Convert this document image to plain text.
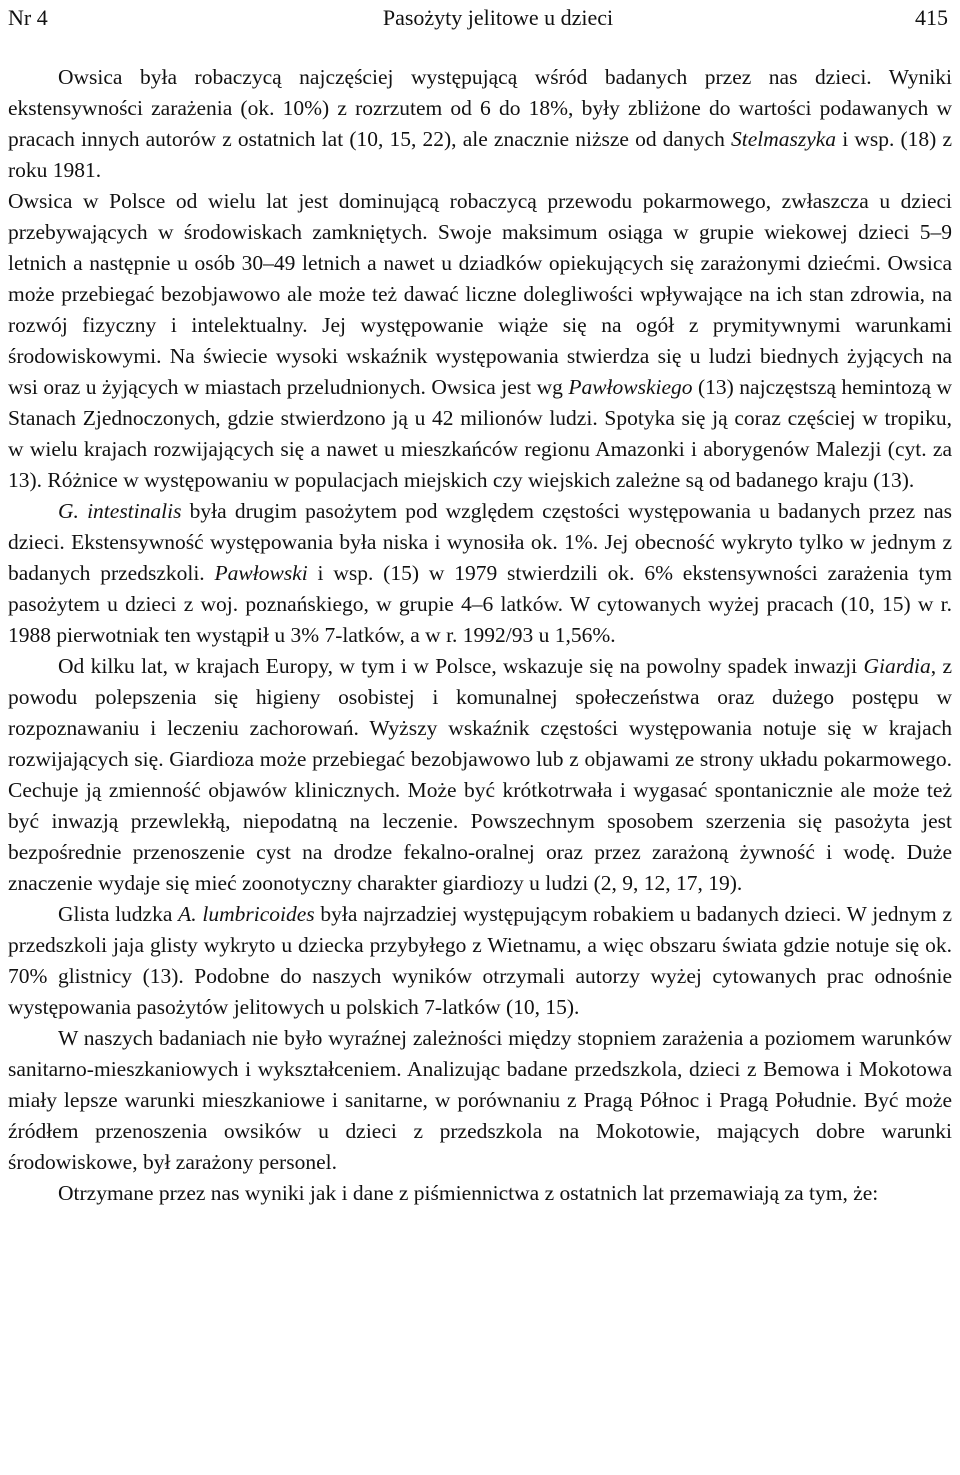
Nr 4	Pasożyty jelitowe u dzieci	415

Owsica była robaczycą najczęściej występującą wśród badanych przez nas dzieci. Wyniki ekstensywności zarażenia (ok. 10%) z rozrzutem od 6 do 18%, były zbliżone do wartości podawanych w pracach innych autorów z ostatnich lat (10, 15, 22), ale znacznie niższe od danych Stelmaszyka i wsp. (18) z roku 1981.

Owsica w Polsce od wielu lat jest dominującą robaczycą przewodu pokarmowego, zwłaszcza u dzieci przebywających w środowiskach zamkniętych. Swoje maksimum osiąga w grupie wiekowej dzieci 5–9 letnich a następnie u osób 30–49 letnich a nawet u dziadków opiekujących się zarażonymi dziećmi. Owsica może przebiegać bezobjawowo ale może też dawać liczne dolegliwości wpływające na ich stan zdrowia, na rozwój fizyczny i intelektualny. Jej występowanie wiąże się na ogół z prymitywnymi warunkami środowiskowymi. Na świecie wysoki wskaźnik występowania stwierdza się u ludzi biednych żyjących na wsi oraz u żyjących w miastach przeludnionych. Owsica jest wg Pawłowskiego (13) najczęstszą hemintozą w Stanach Zjednoczonych, gdzie stwierdzono ją u 42 milionów ludzi. Spotyka się ją coraz częściej w tropiku, w wielu krajach rozwijających się a nawet u mieszkańców regionu Amazonki i aborygenów Malezji (cyt. za 13). Różnice w występowaniu w populacjach miejskich czy wiejskich zależne są od badanego kraju (13).

G. intestinalis była drugim pasożytem pod względem częstości występowania u badanych przez nas dzieci. Ekstensywność występowania była niska i wynosiła ok. 1%. Jej obecność wykryto tylko w jednym z badanych przedszkoli. Pawłowski i wsp. (15) w 1979 stwierdzili ok. 6% ekstensywności zarażenia tym pasożytem u dzieci z woj. poznańskiego, w grupie 4–6 latków. W cytowanych wyżej pracach (10, 15) w r. 1988 pierwotniak ten wystąpił u 3% 7-latków, a w r. 1992/93 u 1,56%.

Od kilku lat, w krajach Europy, w tym i w Polsce, wskazuje się na powolny spadek inwazji Giardia, z powodu polepszenia się higieny osobistej i komunalnej społeczeństwa oraz dużego postępu w rozpoznawaniu i leczeniu zachorowań. Wyższy wskaźnik częstości występowania notuje się w krajach rozwijających się. Giardioza może przebiegać bezobjawowo lub z objawami ze strony układu pokarmowego. Cechuje ją zmienność objawów klinicznych. Może być krótkotrwała i wygasać spontanicznie ale może też być inwazją przewlekłą, niepodatną na leczenie. Powszechnym sposobem szerzenia się pasożyta jest bezpośrednie przenoszenie cyst na drodze fekalno-oralnej oraz przez zarażoną żywność i wodę. Duże znaczenie wydaje się mieć zoonotyczny charakter giardiozy u ludzi (2, 9, 12, 17, 19).

Glista ludzka A. lumbricoides była najrzadziej występującym robakiem u badanych dzieci. W jednym z przedszkoli jaja glisty wykryto u dziecka przybyłego z Wietnamu, a więc obszaru świata gdzie notuje się ok. 70% glistnicy (13). Podobne do naszych wyników otrzymali autorzy wyżej cytowanych prac odnośnie występowania pasożytów jelitowych u polskich 7-latków (10, 15).

W naszych badaniach nie było wyraźnej zależności między stopniem zarażenia a poziomem warunków sanitarno-mieszkaniowych i wykształceniem. Analizując badane przedszkola, dzieci z Bemowa i Mokotowa miały lepsze warunki mieszkaniowe i sanitarne, w porównaniu z Pragą Północ i Pragą Południe. Być może źródłem przenoszenia owsików u dzieci z przedszkola na Mokotowie, mających dobre warunki środowiskowe, był zarażony personel.

Otrzymane przez nas wyniki jak i dane z piśmiennictwa z ostatnich lat przemawiają za tym, że:
